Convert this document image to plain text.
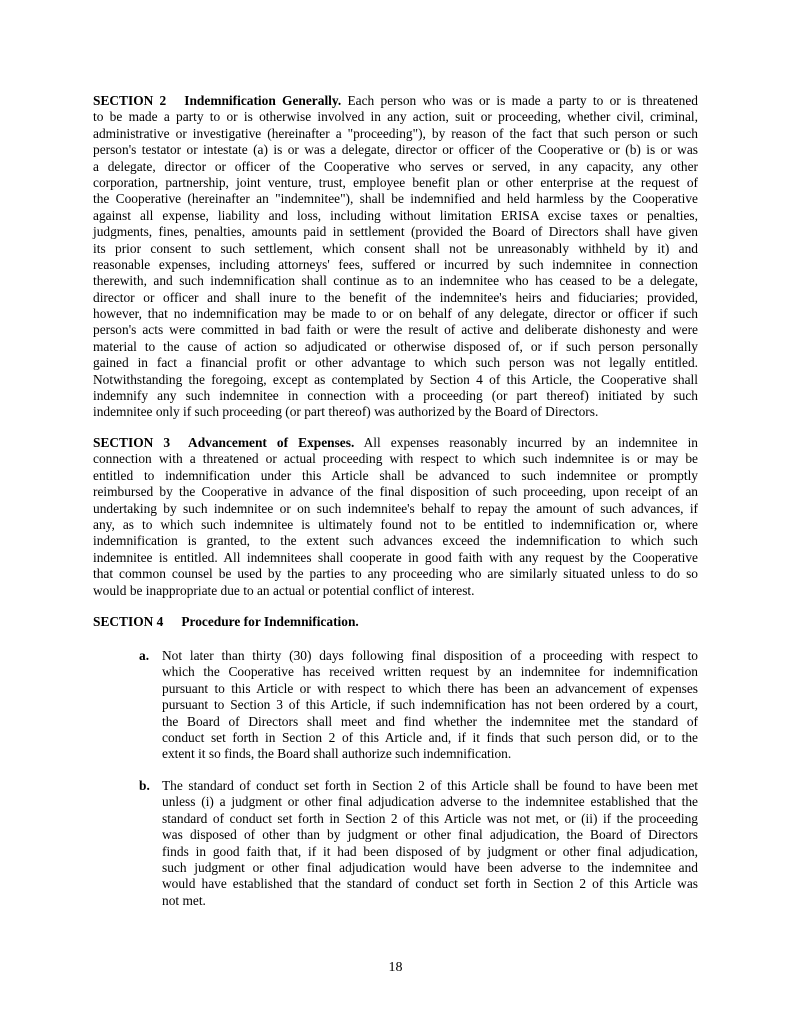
SECTION 2 Indemnification Generally. Each person who was or is made a party to or is threatened
to be made a party to or is otherwise involved in any action, suit or proceeding, whether civil, criminal,
administrative or investigative (hereinafter a "proceeding"), by reason of the fact that such person or such
person's testator or intestate (a) is or was a delegate, director or officer of the Cooperative or (b) is or was
a delegate, director or officer of the Cooperative who serves or served, in any capacity, any other
corporation, partnership, joint venture, trust, employee benefit plan or other enterprise at the request of
the Cooperative (hereinafter an "indemnitee"), shall be indemnified and held harmless by the Cooperative
against all expense, liability and loss, including without limitation ERISA excise taxes or penalties,
judgments, fines, penalties, amounts paid in settlement (provided the Board of Directors shall have given
its prior consent to such settlement, which consent shall not be unreasonably withheld by it) and
reasonable expenses, including attorneys' fees, suffered or incurred by such indemnitee in connection
therewith, and such indemnification shall continue as to an indemnitee who has ceased to be a delegate,
director or officer and shall inure to the benefit of the indemnitee's heirs and fiduciaries; provided,
however, that no indemnification may be made to or on behalf of any delegate, director or officer if such
person's acts were committed in bad faith or were the result of active and deliberate dishonesty and were
material to the cause of action so adjudicated or otherwise disposed of, or if such person personally
gained in fact a financial profit or other advantage to which such person was not legally entitled.
Notwithstanding the foregoing, except as contemplated by Section 4 of this Article, the Cooperative shall
indemnify any such indemnitee in connection with a proceeding (or part thereof) initiated by such
indemnitee only if such proceeding (or part thereof) was authorized by the Board of Directors.
SECTION 3 Advancement of Expenses. All expenses reasonably incurred by an indemnitee in
connection with a threatened or actual proceeding with respect to which such indemnitee is or may be
entitled to indemnification under this Article shall be advanced to such indemnitee or promptly
reimbursed by the Cooperative in advance of the final disposition of such proceeding, upon receipt of an
undertaking by such indemnitee or on such indemnitee's behalf to repay the amount of such advances, if
any, as to which such indemnitee is ultimately found not to be entitled to indemnification or, where
indemnification is granted, to the extent such advances exceed the indemnification to which such
indemnitee is entitled. All indemnitees shall cooperate in good faith with any request by the Cooperative
that common counsel be used by the parties to any proceeding who are similarly situated unless to do so
would be inappropriate due to an actual or potential conflict of interest.
SECTION 4 Procedure for Indemnification.
a. Not later than thirty (30) days following final disposition of a proceeding with respect to
which the Cooperative has received written request by an indemnitee for indemnification
pursuant to this Article or with respect to which there has been an advancement of expenses
pursuant to Section 3 of this Article, if such indemnification has not been ordered by a court,
the Board of Directors shall meet and find whether the indemnitee met the standard of
conduct set forth in Section 2 of this Article and, if it finds that such person did, or to the
extent it so finds, the Board shall authorize such indemnification.
b. The standard of conduct set forth in Section 2 of this Article shall be found to have been met
unless (i) a judgment or other final adjudication adverse to the indemnitee established that the
standard of conduct set forth in Section 2 of this Article was not met, or (ii) if the proceeding
was disposed of other than by judgment or other final adjudication, the Board of Directors
finds in good faith that, if it had been disposed of by judgment or other final adjudication,
such judgment or other final adjudication would have been adverse to the indemnitee and
would have established that the standard of conduct set forth in Section 2 of this Article was
not met.
18
